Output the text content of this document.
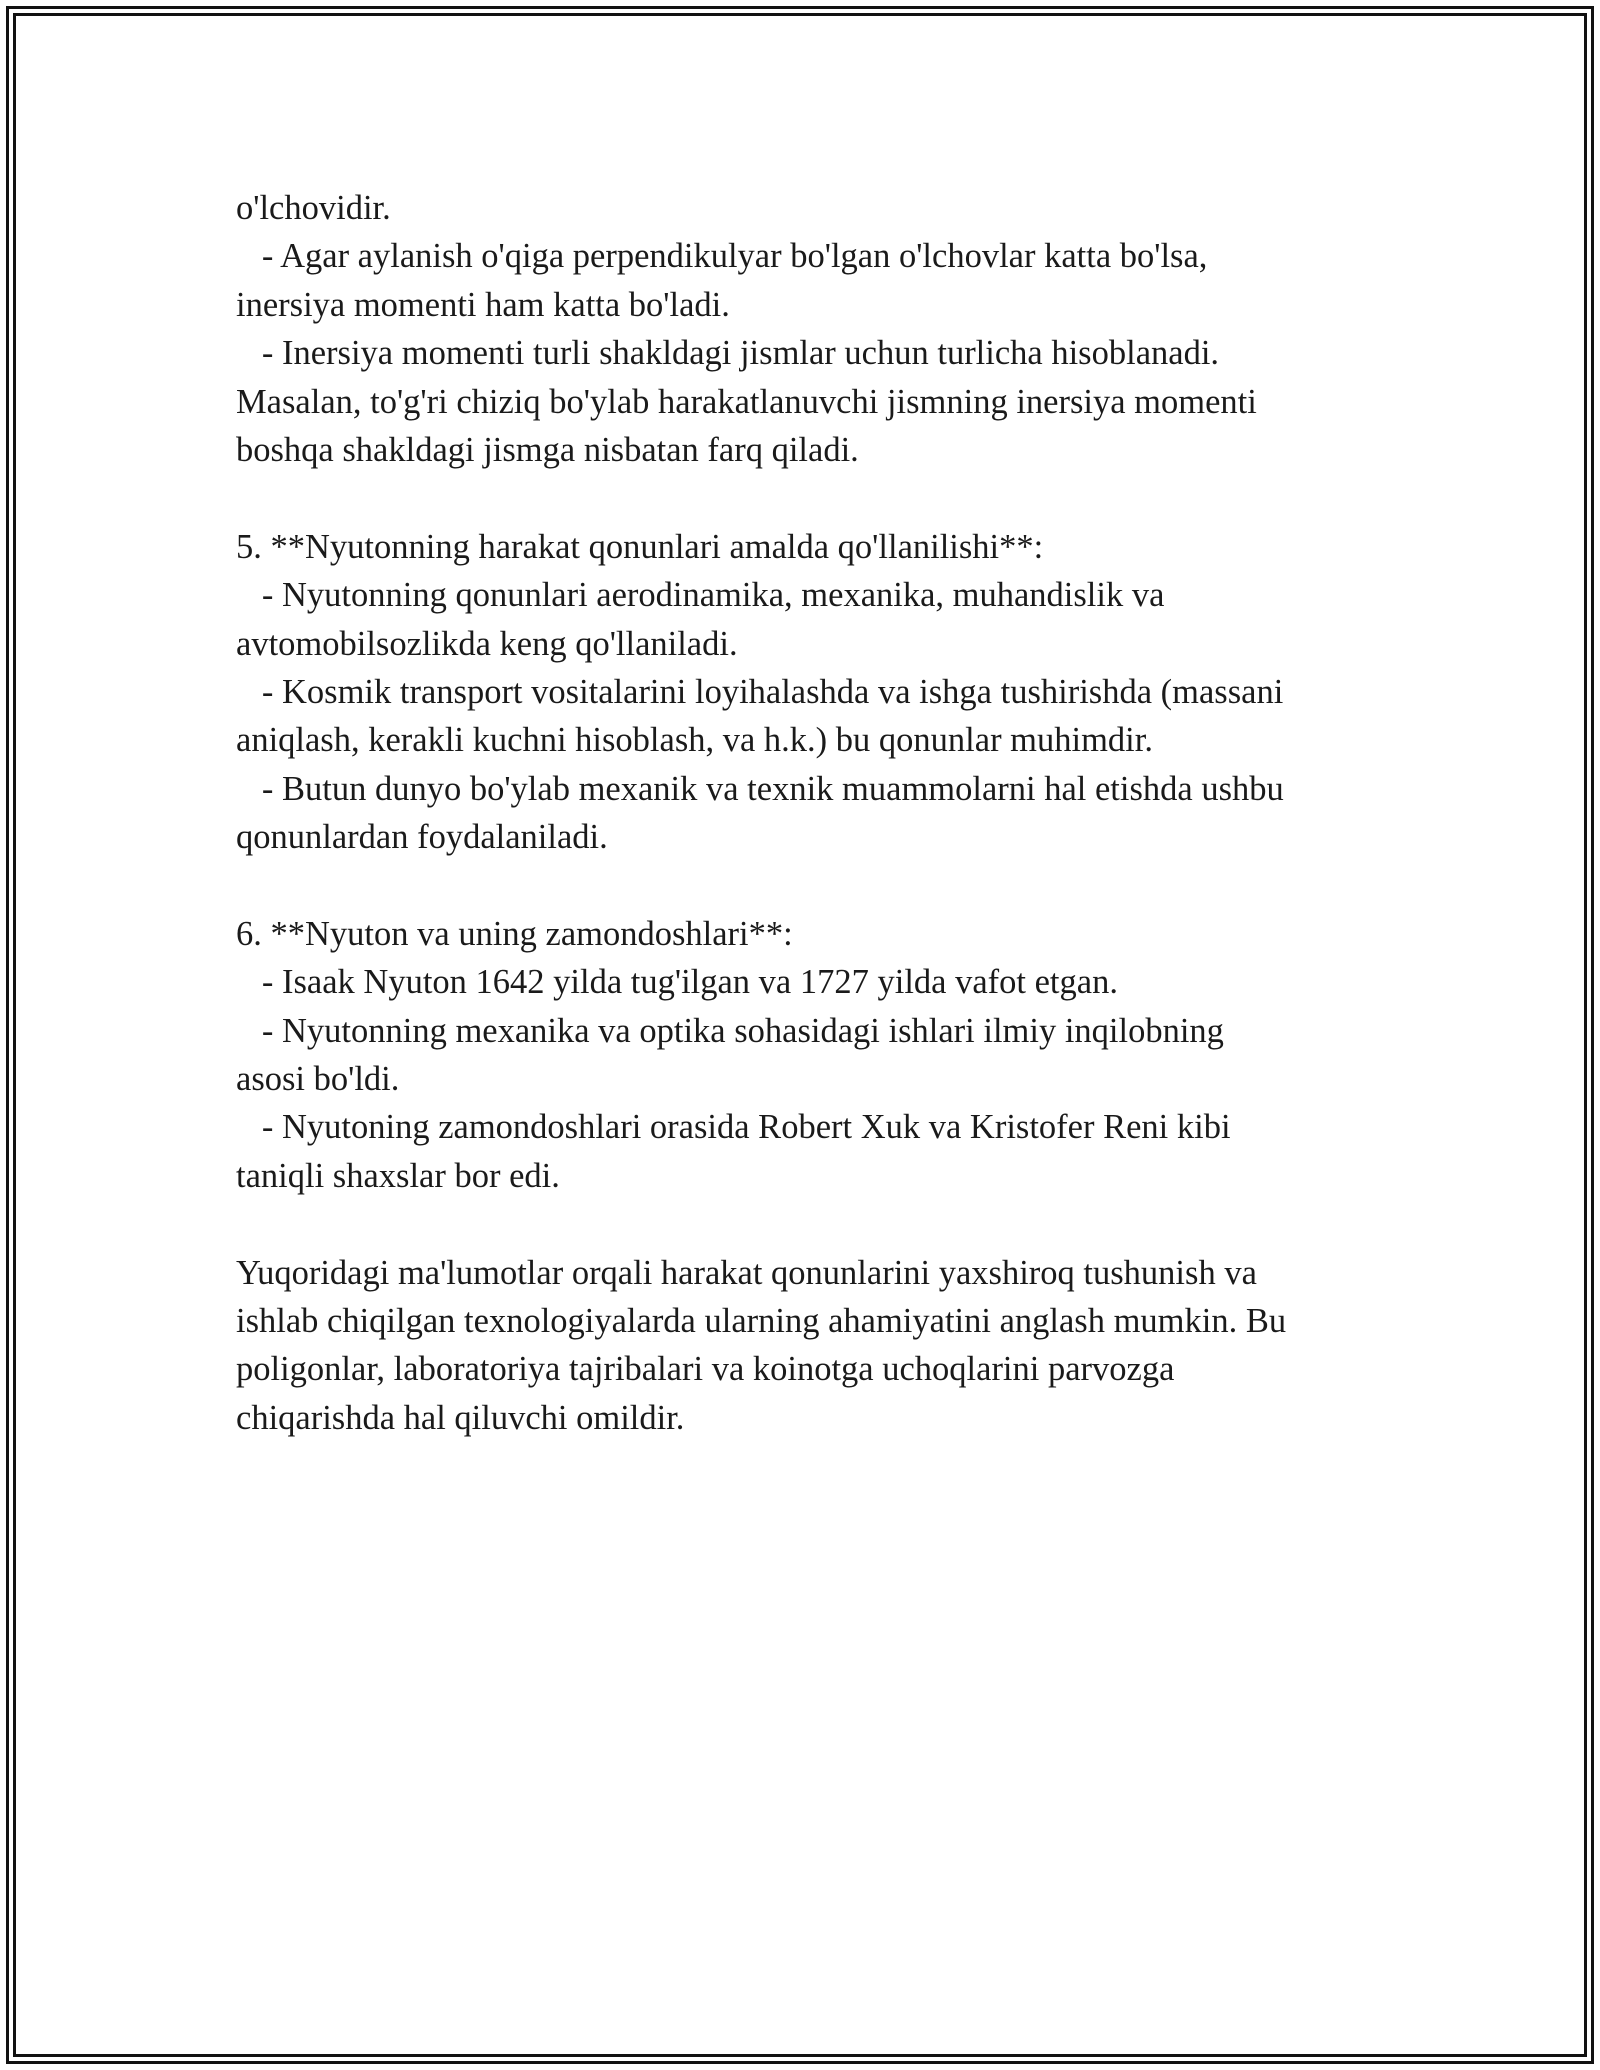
o'lchovidir.
- Agar aylanish o'qiga perpendikulyar bo'lgan o'lchovlar katta bo'lsa,
inersiya momenti ham katta bo'ladi.
- Inersiya momenti turli shakldagi jismlar uchun turlicha hisoblanadi.
Masalan, to'g'ri chiziq bo'ylab harakatlanuvchi jismning inersiya momenti
boshqa shakldagi jismga nisbatan farq qiladi.
5. **Nyutonning harakat qonunlari amalda qo'llanilishi**:
- Nyutonning qonunlari aerodinamika, mexanika, muhandislik va
avtomobilsozlikda keng qo'llaniladi.
- Kosmik transport vositalarini loyihalashda va ishga tushirishda (massani
aniqlash, kerakli kuchni hisoblash, va h.k.) bu qonunlar muhimdir.
- Butun dunyo bo'ylab mexanik va texnik muammolarni hal etishda ushbu
qonunlardan foydalaniladi.
6. **Nyuton va uning zamondoshlari**:
- Isaak Nyuton 1642 yilda tug'ilgan va 1727 yilda vafot etgan.
- Nyutonning mexanika va optika sohasidagi ishlari ilmiy inqilobning
asosi bo'ldi.
- Nyutoning zamondoshlari orasida Robert Xuk va Kristofer Reni kibi
taniqli shaxslar bor edi.
Yuqoridagi ma'lumotlar orqali harakat qonunlarini yaxshiroq tushunish va
ishlab chiqilgan texnologiyalarda ularning ahamiyatini anglash mumkin. Bu
poligonlar, laboratoriya tajribalari va koinotga uchoqlarini parvozga
chiqarishda hal qiluvchi omildir.
